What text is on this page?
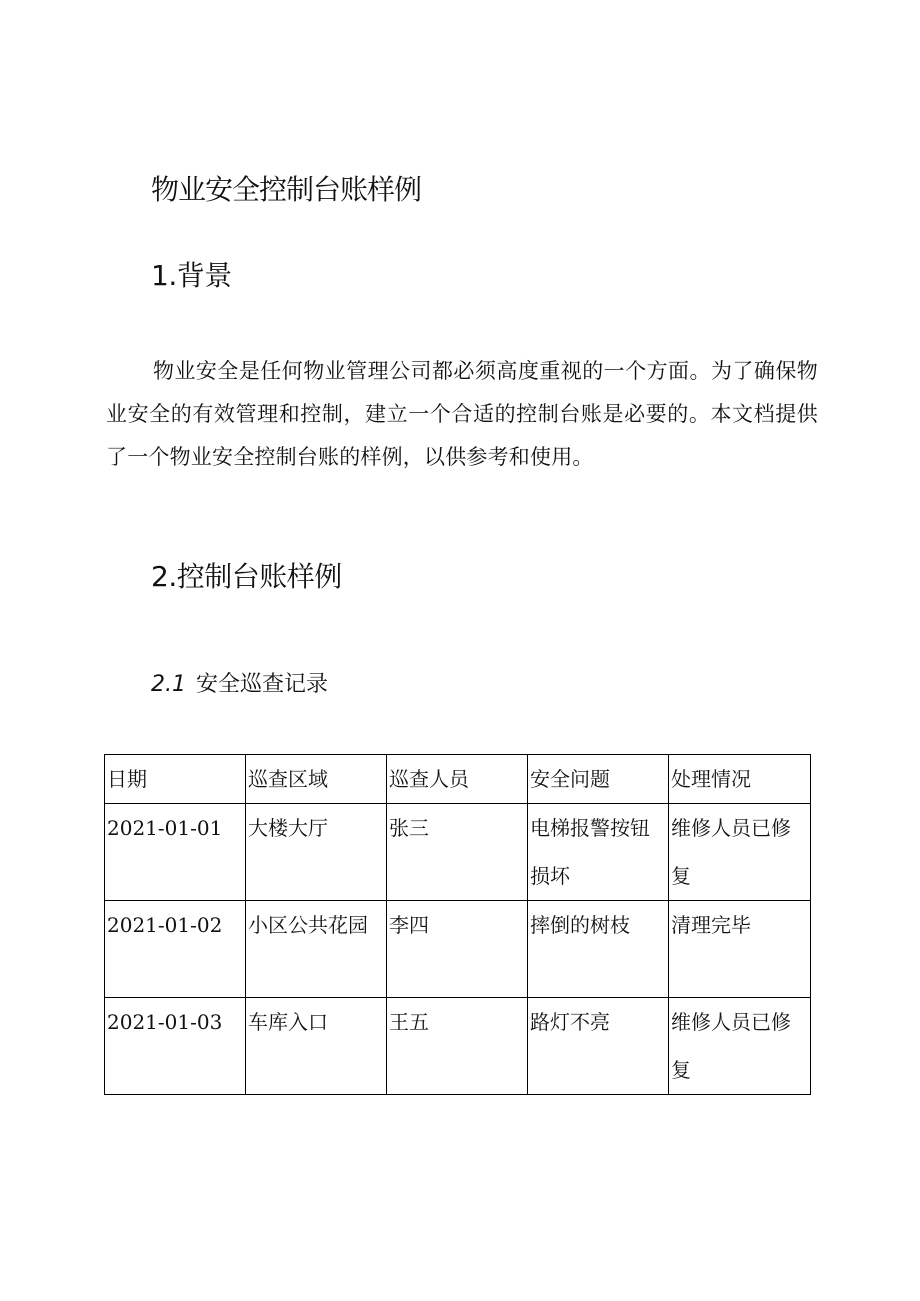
物业安全控制台账样例
1.背景

物业安全是任何物业管理公司都必须高度重视的一个方面。为了确保物业安全的有效管理和控制，建立一个合适的控制台账是必要的。本文档提供了一个物业安全控制台账的样例，以供参考和使用。

2.控制台账样例
2.1 安全巡查记录
日期	巡查区域	巡查人员	安全问题	处理情况
2021-01-01	大楼大厅	张三	电梯报警按钮损坏	维修人员已修复
2021-01-02	小区公共花园	李四	摔倒的树枝	清理完毕
2021-01-03	车库入口	王五	路灯不亮	维修人员已修复
